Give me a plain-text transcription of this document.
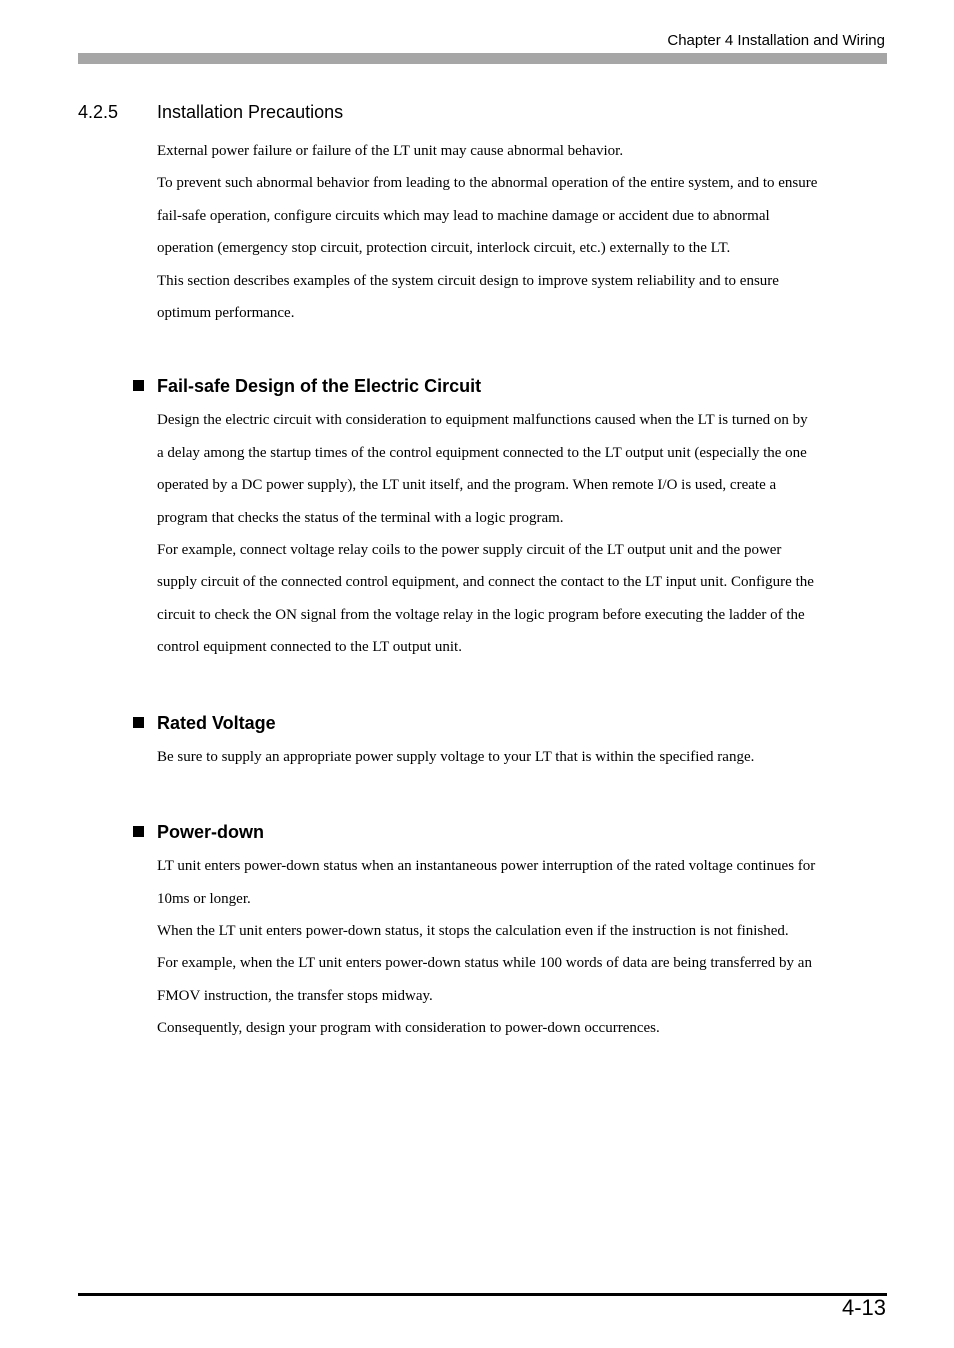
Chapter 4 Installation and Wiring
4.2.5 Installation Precautions

External power failure or failure of the LT unit may cause abnormal behavior.

To prevent such abnormal behavior from leading to the abnormal operation of the entire system, and to ensure
fail-safe operation, configure circuits which may lead to machine damage or accident due to abnormal
operation (emergency stop circuit, protection circuit, interlock circuit, etc.) externally to the LT.

This section describes examples of the system circuit design to improve system reliability and to ensure
optimum performance.

Fail-safe Design of the Electric Circuit

Design the electric circuit with consideration to equipment malfunctions caused when the LT is turned on by
a delay among the startup times of the control equipment connected to the LT output unit (especially the one
operated by a DC power supply), the LT unit itself, and the program. When remote I/O is used, create a
program that checks the status of the terminal with a logic program.

For example, connect voltage relay coils to the power supply circuit of the LT output unit and the power
supply circuit of the connected control equipment, and connect the contact to the LT input unit. Configure the
circuit to check the ON signal from the voltage relay in the logic program before executing the ladder of the
control equipment connected to the LT output unit.

Rated Voltage

Be sure to supply an appropriate power supply voltage to your LT that is within the specified range.

Power-down

LT unit enters power-down status when an instantaneous power interruption of the rated voltage continues for
10ms or longer.

When the LT unit enters power-down status, it stops the calculation even if the instruction is not finished.

For example, when the LT unit enters power-down status while 100 words of data are being transferred by an
FMOV instruction, the transfer stops midway.

Consequently, design your program with consideration to power-down occurrences.

4-13
